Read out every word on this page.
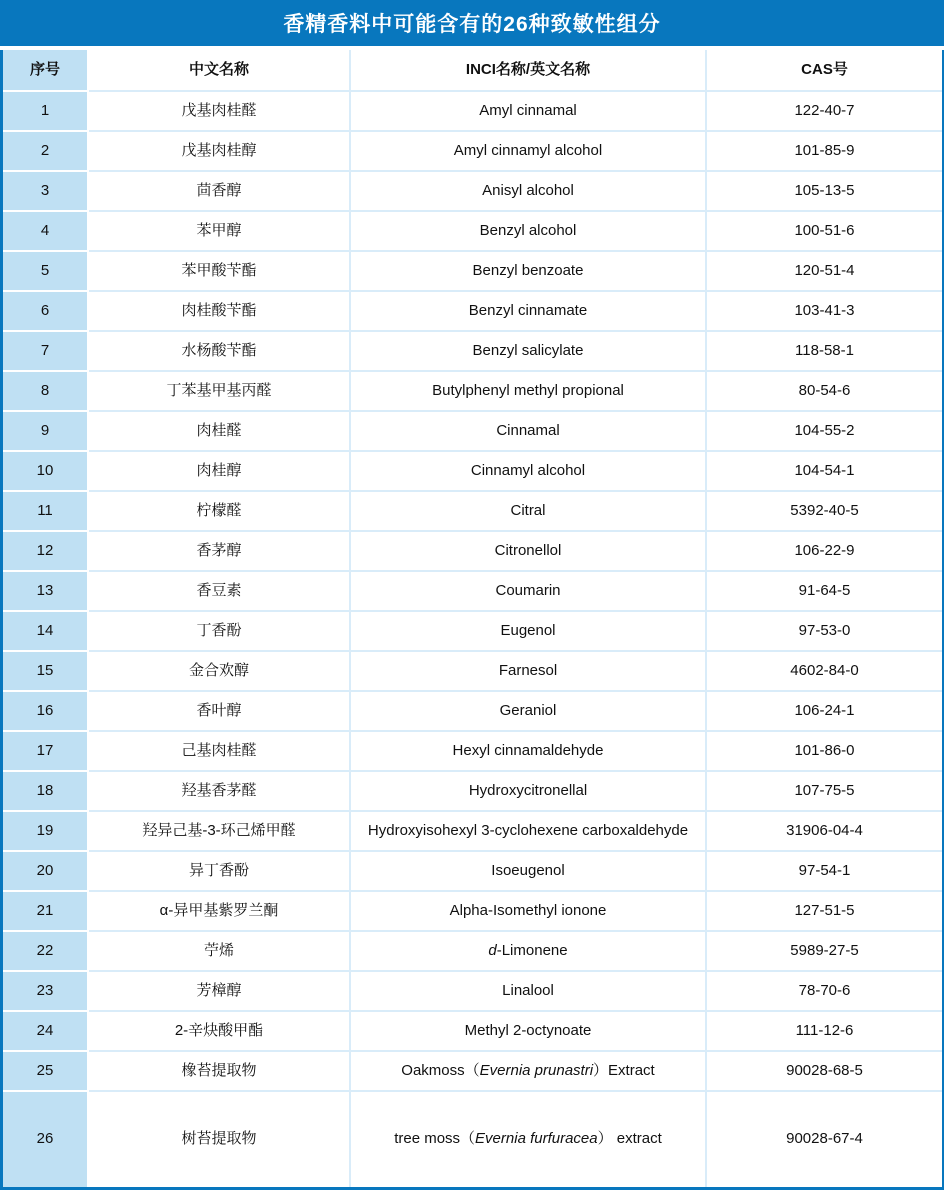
香精香料中可能含有的26种致敏性组分
序号	中文名称	INCI名称/英文名称	CAS号
1	戊基肉桂醛	Amyl cinnamal	122-40-7
2	戊基肉桂醇	Amyl cinnamyl alcohol	101-85-9
3	茴香醇	Anisyl alcohol	105-13-5
4	苯甲醇	Benzyl alcohol	100-51-6
5	苯甲酸苄酯	Benzyl benzoate	120-51-4
6	肉桂酸苄酯	Benzyl cinnamate	103-41-3
7	水杨酸苄酯	Benzyl salicylate	118-58-1
8	丁苯基甲基丙醛	Butylphenyl methyl propional	80-54-6
9	肉桂醛	Cinnamal	104-55-2
10	肉桂醇	Cinnamyl alcohol	104-54-1
11	柠檬醛	Citral	5392-40-5
12	香茅醇	Citronellol	106-22-9
13	香豆素	Coumarin	91-64-5
14	丁香酚	Eugenol	97-53-0
15	金合欢醇	Farnesol	4602-84-0
16	香叶醇	Geraniol	106-24-1
17	己基肉桂醛	Hexyl cinnamaldehyde	101-86-0
18	羟基香茅醛	Hydroxycitronellal	107-75-5
19	羟异己基-3-环己烯甲醛	Hydroxyisohexyl 3-cyclohexene carboxaldehyde	31906-04-4
20	异丁香酚	Isoeugenol	97-54-1
21	α-异甲基紫罗兰酮	Alpha-Isomethyl ionone	127-51-5
22	苧烯	d-Limonene	5989-27-5
23	芳樟醇	Linalool	78-70-6
24	2-辛炔酸甲酯	Methyl 2-octynoate	111-12-6
25	橡苔提取物	Oakmoss（Evernia prunastri）Extract	90028-68-5
26	树苔提取物	tree moss（Evernia furfuracea） extract	90028-67-4
